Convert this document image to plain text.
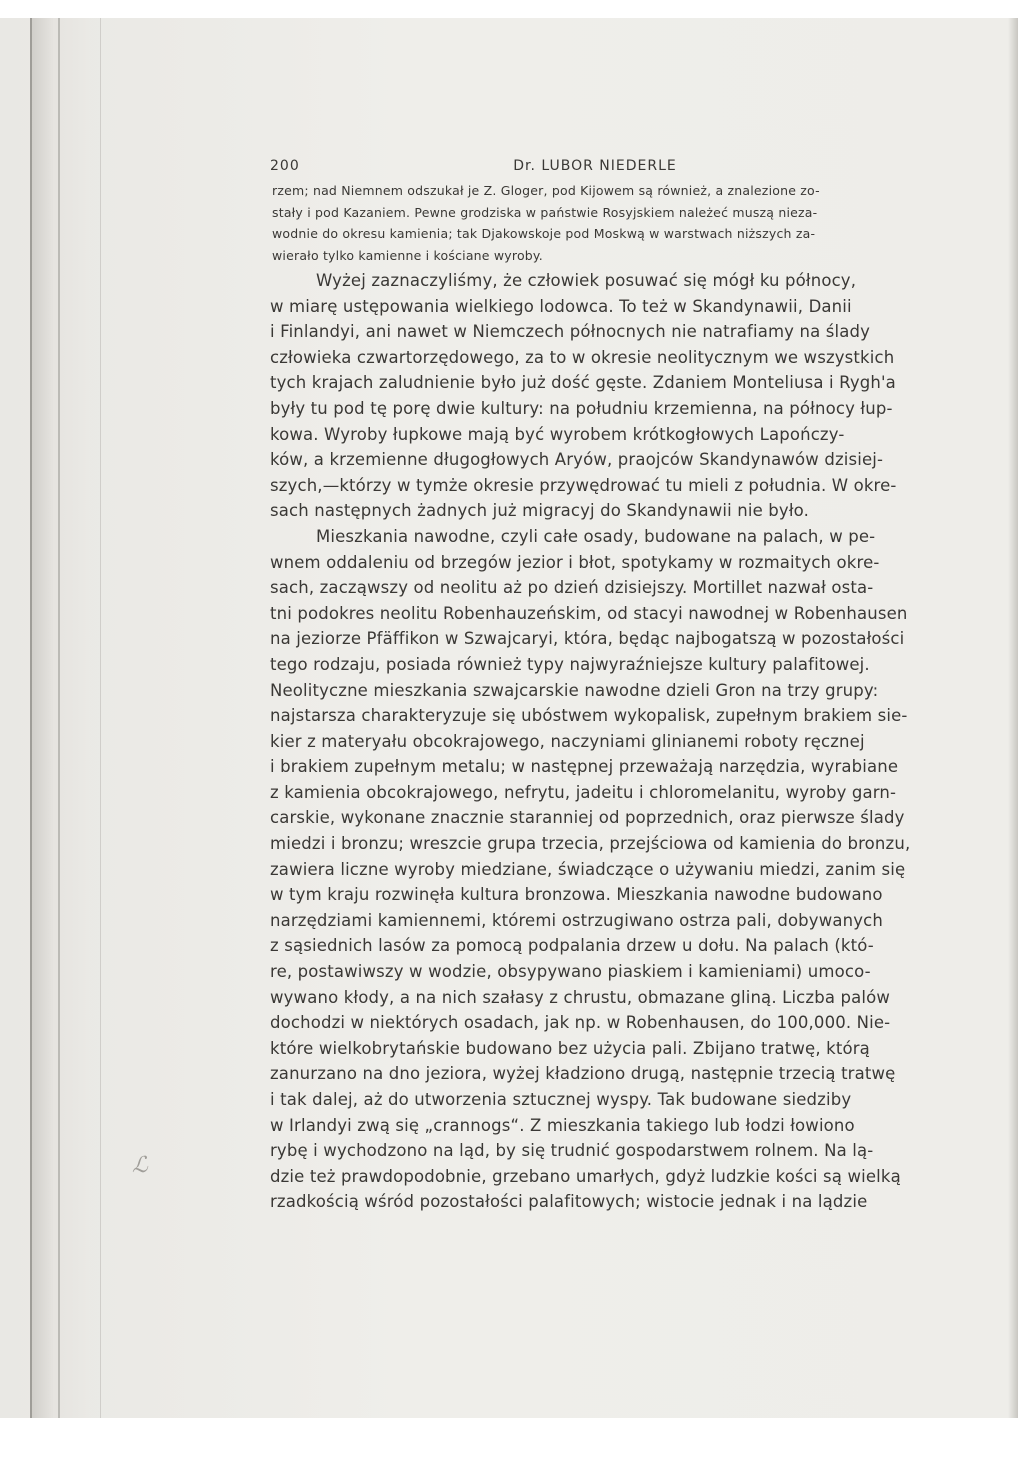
ℒ
200	Dr. LUBOR NIEDERLE
rzem; nad Niemnem odszukał je Z. Gloger, pod Kijowem są również, a znalezione zo-
stały i pod Kazaniem. Pewne grodziska w państwie Rosyjskiem należeć muszą nieza-
wodnie do okresu kamienia; tak Djakowskoje pod Moskwą w warstwach niższych za-
wierało tylko kamienne i kościane wyroby.
Wyżej zaznaczyliśmy, że człowiek posuwać się mógł ku północy,
w miarę ustępowania wielkiego lodowca. To też w Skandynawii, Danii
i Finlandyi, ani nawet w Niemczech północnych nie natrafiamy na ślady
człowieka czwartorzędowego, za to w okresie neolitycznym we wszystkich
tych krajach zaludnienie było już dość gęste. Zdaniem Monteliusa i Rygh'a
były tu pod tę porę dwie kultury: na południu krzemienna, na północy łup-
kowa. Wyroby łupkowe mają być wyrobem krótkogłowych Lapończy-
ków, a krzemienne długogłowych Aryów, praojców Skandynawów dzisiej-
szych,—którzy w tymże okresie przywędrować tu mieli z południa. W okre-
sach następnych żadnych już migracyj do Skandynawii nie było.
Mieszkania nawodne, czyli całe osady, budowane na palach, w pe-
wnem oddaleniu od brzegów jezior i błot, spotykamy w rozmaitych okre-
sach, zacząwszy od neolitu aż po dzień dzisiejszy. Mortillet nazwał osta-
tni podokres neolitu Robenhauzeńskim, od stacyi nawodnej w Robenhausen
na jeziorze Pfäffikon w Szwajcaryi, która, będąc najbogatszą w pozostałości
tego rodzaju, posiada również typy najwyraźniejsze kultury palafitowej.
Neolityczne mieszkania szwajcarskie nawodne dzieli Gron na trzy grupy:
najstarsza charakteryzuje się ubóstwem wykopalisk, zupełnym brakiem sie-
kier z materyału obcokrajowego, naczyniami glinianemi roboty ręcznej
i brakiem zupełnym metalu; w następnej przeważają narzędzia, wyrabiane
z kamienia obcokrajowego, nefrytu, jadeitu i chloromelanitu, wyroby garn-
carskie, wykonane znacznie staranniej od poprzednich, oraz pierwsze ślady
miedzi i bronzu; wreszcie grupa trzecia, przejściowa od kamienia do bronzu,
zawiera liczne wyroby miedziane, świadczące o używaniu miedzi, zanim się
w tym kraju rozwinęła kultura bronzowa. Mieszkania nawodne budowano
narzędziami kamiennemi, któremi ostrzugiwano ostrza pali, dobywanych
z sąsiednich lasów za pomocą podpalania drzew u dołu. Na palach (któ-
re, postawiwszy w wodzie, obsypywano piaskiem i kamieniami) umoco-
wywano kłody, a na nich szałasy z chrustu, obmazane gliną. Liczba palów
dochodzi w niektórych osadach, jak np. w Robenhausen, do 100,000. Nie-
które wielkobrytańskie budowano bez użycia pali. Zbijano tratwę, którą
zanurzano na dno jeziora, wyżej kładziono drugą, następnie trzecią tratwę
i tak dalej, aż do utworzenia sztucznej wyspy. Tak budowane siedziby
w Irlandyi zwą się „crannogs“. Z mieszkania takiego lub łodzi łowiono
rybę i wychodzono na ląd, by się trudnić gospodarstwem rolnem. Na lą-
dzie też prawdopodobnie, grzebano umarłych, gdyż ludzkie kości są wielką
rzadkością wśród pozostałości palafitowych; wistocie jednak i na lądzie
